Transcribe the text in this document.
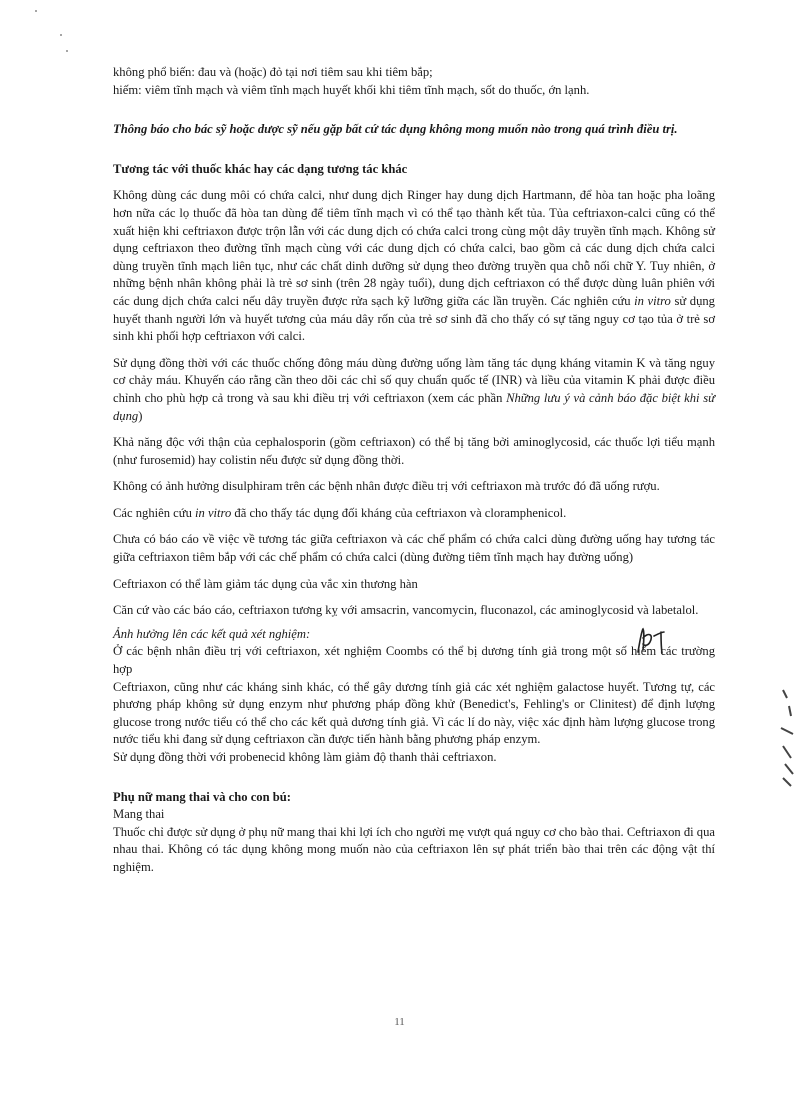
không phổ biến: đau và (hoặc) đỏ tại nơi tiêm sau khi tiêm bắp;

hiếm: viêm tĩnh mạch và viêm tĩnh mạch huyết khối khi tiêm tĩnh mạch, sốt do thuốc, ớn lạnh.

Thông báo cho bác sỹ hoặc dược sỹ nếu gặp bất cứ tác dụng không mong muốn nào trong quá trình điều trị.

Tương tác với thuốc khác hay các dạng tương tác khác

Không dùng các dung môi có chứa calci, như dung dịch Ringer hay dung dịch Hartmann, để hòa tan hoặc pha loãng hơn nữa các lọ thuốc đã hòa tan dùng để tiêm tĩnh mạch vì có thể tạo thành kết tủa. Tủa ceftriaxon-calci cũng có thể xuất hiện khi ceftriaxon được trộn lẫn với các dung dịch có chứa calci trong cùng một dây truyền tĩnh mạch. Không sử dụng ceftriaxon theo đường tĩnh mạch cùng với các dung dịch có chứa calci, bao gồm cả các dung dịch chứa calci dùng truyền tĩnh mạch liên tục, như các chất dinh dưỡng sử dụng theo đường truyền qua chỗ nối chữ Y. Tuy nhiên, ở những bệnh nhân không phải là trẻ sơ sinh (trên 28 ngày tuổi), dung dịch ceftriaxon có thể được dùng luân phiên với các dung dịch chứa calci nếu dây truyền được rửa sạch kỹ lưỡng giữa các lần truyền. Các nghiên cứu in vitro sử dụng huyết thanh người lớn và huyết tương của máu dây rốn của trẻ sơ sinh đã cho thấy có sự tăng nguy cơ tạo tủa ở trẻ sơ sinh khi phối hợp ceftriaxon với calci.

Sử dụng đồng thời với các thuốc chống đông máu dùng đường uống làm tăng tác dụng kháng vitamin K và tăng nguy cơ chảy máu. Khuyến cáo rằng cần theo dõi các chỉ số quy chuẩn quốc tế (INR) và liều của vitamin K phải được điều chỉnh cho phù hợp cả trong và sau khi điều trị với ceftriaxon (xem các phần Những lưu ý và cảnh báo đặc biệt khi sử dụng)

Khả năng độc với thận của cephalosporin (gồm ceftriaxon) có thể bị tăng bởi aminoglycosid, các thuốc lợi tiểu mạnh (như furosemid) hay colistin nếu được sử dụng đồng thời.

Không có ảnh hưởng disulphiram trên các bệnh nhân được điều trị với ceftriaxon mà trước đó đã uống rượu.

Các nghiên cứu in vitro đã cho thấy tác dụng đối kháng của ceftriaxon và cloramphenicol.

Chưa có báo cáo về việc về tương tác giữa ceftriaxon và các chế phẩm có chứa calci dùng đường uống hay tương tác giữa ceftriaxon tiêm bắp với các chế phẩm có chứa calci (dùng đường tiêm tĩnh mạch hay đường uống)

Ceftriaxon có thể làm giảm tác dụng của vắc xin thương hàn

Căn cứ vào các báo cáo, ceftriaxon tương kỵ với amsacrin, vancomycin, fluconazol, các aminoglycosid và labetalol.

Ảnh hưởng lên các kết quả xét nghiệm:

Ở các bệnh nhân điều trị với ceftriaxon, xét nghiệm Coombs có thể bị dương tính giả trong một số hiếm các trường hợp

Ceftriaxon, cũng như các kháng sinh khác, có thể gây dương tính giả các xét nghiệm galactose huyết. Tương tự, các phương pháp không sử dụng enzym như phương pháp đồng khử (Benedict's, Fehling's or Clinitest) để định lượng glucose trong nước tiểu có thể cho các kết quả dương tính giả. Vì các lí do này, việc xác định hàm lượng glucose trong nước tiểu khi đang sử dụng ceftriaxon cần được tiến hành bằng phương pháp enzym.

Sử dụng đồng thời với probenecid không làm giảm độ thanh thải ceftriaxon.

Phụ nữ mang thai và cho con bú:

Mang thai

Thuốc chỉ được sử dụng ở phụ nữ mang thai khi lợi ích cho người mẹ vượt quá nguy cơ cho bào thai. Ceftriaxon đi qua nhau thai. Không có tác dụng không mong muốn nào của ceftriaxon lên sự phát triển bào thai trên các động vật thí nghiệm.

11
